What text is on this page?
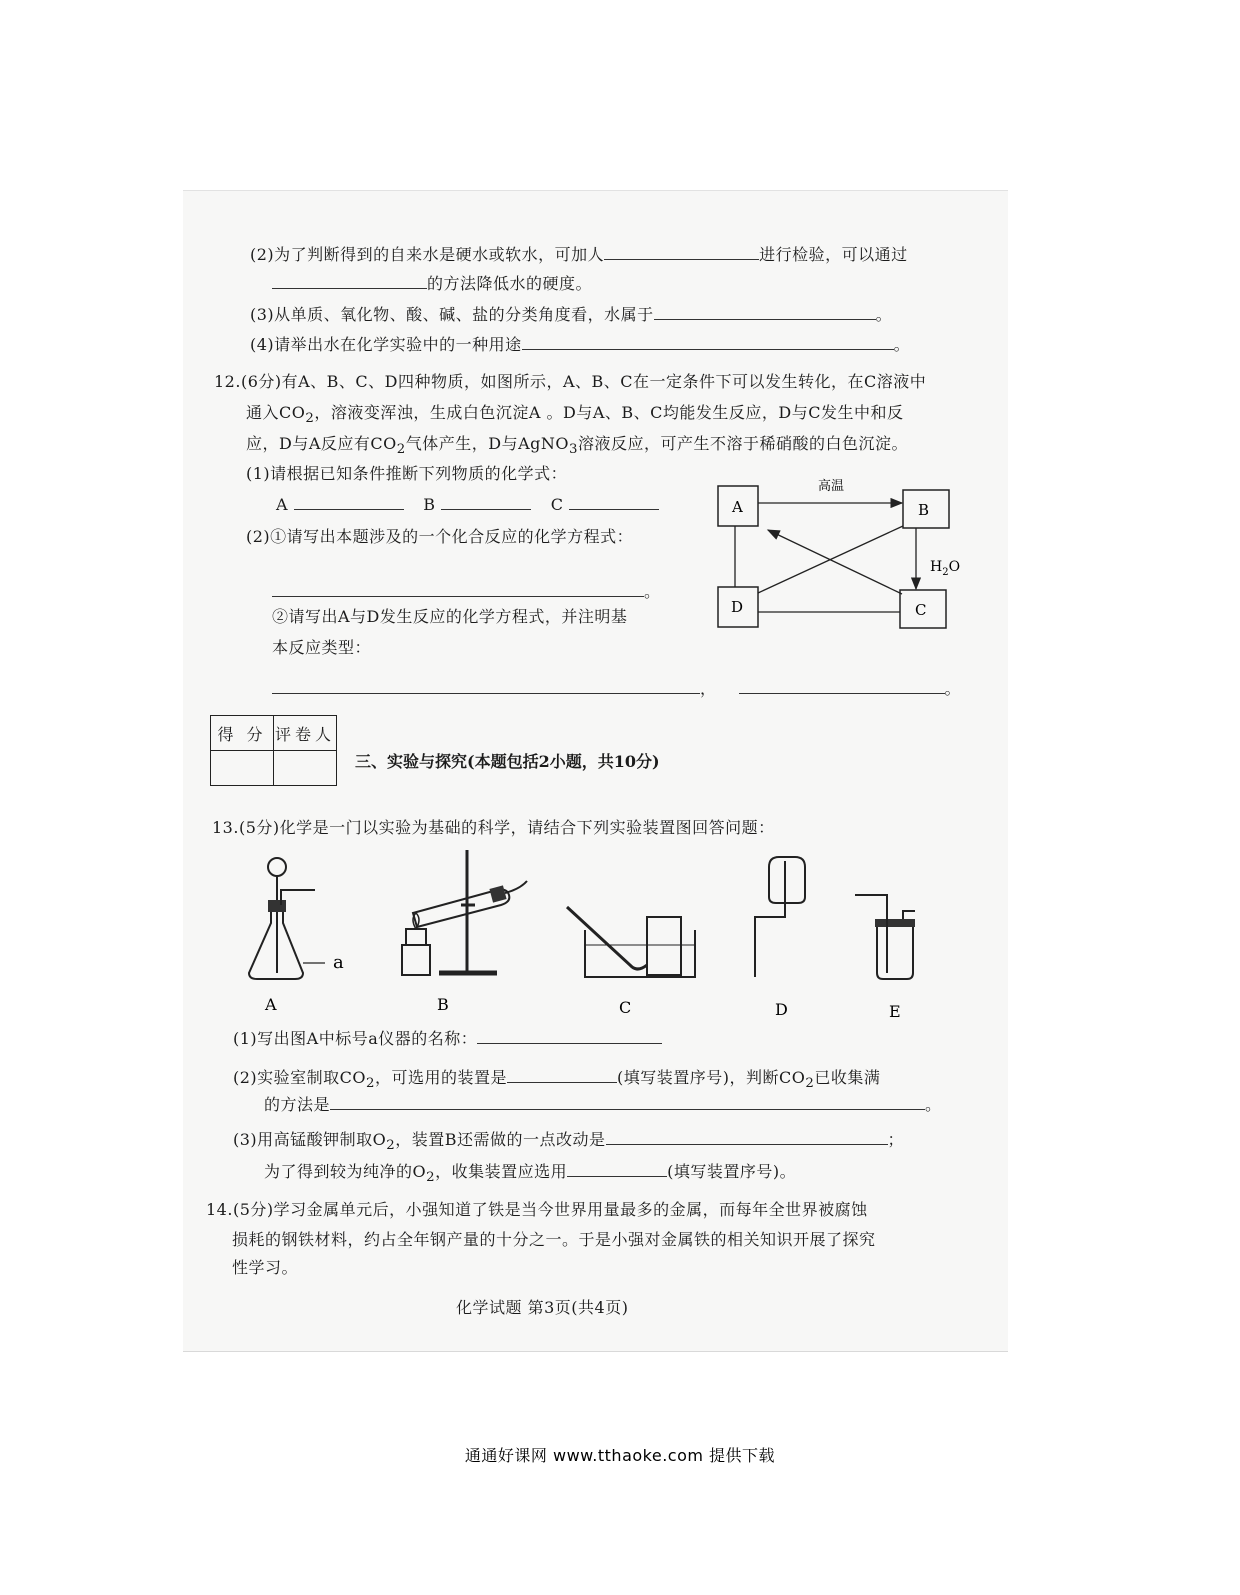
(2)为了判断得到的自来水是硬水或软水，可加人	进行检验，可以通过
的方法降低水的硬度。
(3)从单质、氧化物、酸、碱、盐的分类角度看，水属于	。
(4)请举出水在化学实验中的一种用途	。
12.(6分)有A、B、C、D四种物质，如图所示，A、B、C在一定条件下可以发生转化，在C溶液中
通入$CO_2$，溶液变浑浊，生成白色沉淀A 。D与A、B、C均能发生反应，D与C发生中和反
应，D与A反应有$CO_2$气体产生，D与AgNO$_3$溶液反应，可产生不溶于稀硝酸的白色沉淀。
(1)请根据已知条件推断下列物质的化学式：
A	B	C
(2)①请写出本题涉及的一个化合反应的化学方程式：
。
②请写出A与D发生反应的化学方程式，并注明基
本反应类型：
，	。
A	B
C
D
高温
$H_2O$
得 分	评卷人

三、实验与探究(本题包括2小题，共10分)
13.(5分)化学是一门以实验为基础的科学，请结合下列实验装置图回答问题：
a
A	B	C	D	E
(1)写出图A中标号a仪器的名称：
(2)实验室制取$CO_2$，可选用的装置是	(填写装置序号)，判断$CO_2$已收集满
的方法是	。
(3)用高锰酸钾制取$O_2$，装置B还需做的一点改动是	；
为了得到较为纯净的$O_2$，收集装置应选用	(填写装置序号)。
14.(5分)学习金属单元后，小强知道了铁是当今世界用量最多的金属，而每年全世界被腐蚀
损耗的钢铁材料，约占全年钢产量的十分之一。于是小强对金属铁的相关知识开展了探究
性学习。
化学试题 第3页(共4页)
通通好课网 www.tthaoke.com 提供下载
